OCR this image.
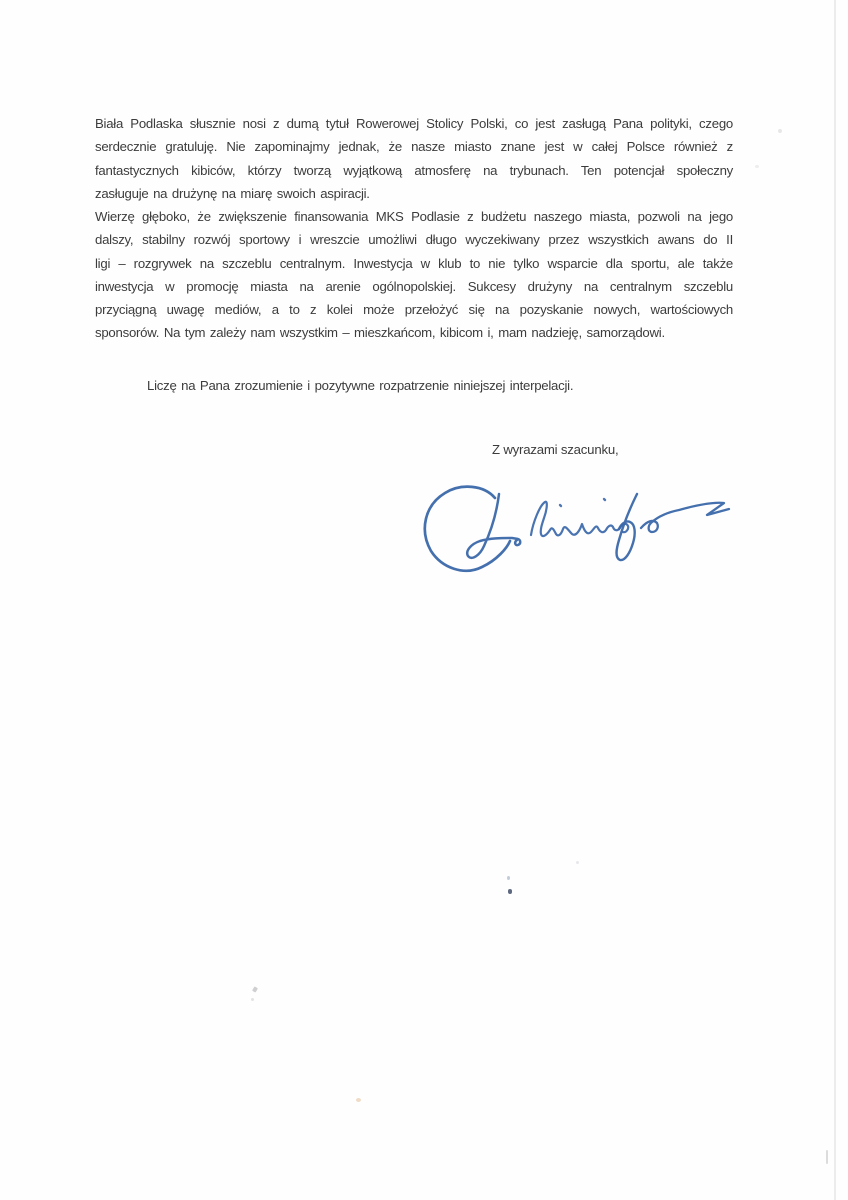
Biała Podlaska słusznie nosi z dumą tytuł Rowerowej Stolicy Polski, co jest zasługą Pana polityki, czego
serdecznie gratuluję. Nie zapominajmy jednak, że nasze miasto znane jest w całej Polsce również z
fantastycznych kibiców, którzy tworzą wyjątkową atmosferę na trybunach. Ten potencjał społeczny
zasługuje na drużynę na miarę swoich aspiracji.
Wierzę głęboko, że zwiększenie finansowania MKS Podlasie z budżetu naszego miasta, pozwoli na jego
dalszy, stabilny rozwój sportowy i wreszcie umożliwi długo wyczekiwany przez wszystkich awans do II
ligi – rozgrywek na szczeblu centralnym. Inwestycja w klub to nie tylko wsparcie dla sportu, ale także
inwestycja w promocję miasta na arenie ogólnopolskiej. Sukcesy drużyny na centralnym szczeblu
przyciągną uwagę mediów, a to z kolei może przełożyć się na pozyskanie nowych, wartościowych
sponsorów. Na tym zależy nam wszystkim – mieszkańcom, kibicom i, mam nadzieję, samorządowi.
Liczę na Pana zrozumienie i pozytywne rozpatrzenie niniejszej interpelacji.
Z wyrazami szacunku,
